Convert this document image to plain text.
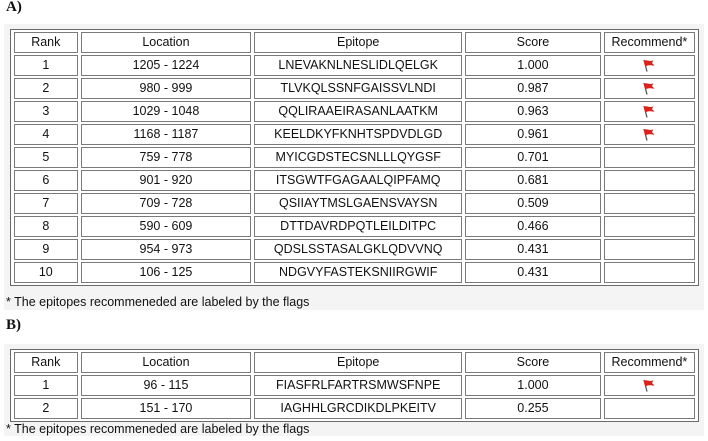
A)
Rank	Location	Epitope	Score	Recommend*
1	1205 - 1224	LNEVAKNLNESLIDLQELGK	1.000	
2	980 - 999	TLVKQLSSNFGAISSVLNDI	0.987	
3	1029 - 1048	QQLIRAAEIRASANLAATKM	0.963	
4	1168 - 1187	KEELDKYFKNHTSPDVDLGD	0.961	
5	759 - 778	MYICGDSTECSNLLLQYGSF	0.701	
6	901 - 920	ITSGWTFGAGAALQIPFAMQ	0.681	
7	709 - 728	QSIIAYTMSLGAENSVAYSN	0.509	
8	590 - 609	DTTDAVRDPQTLEILDITPC	0.466	
9	954 - 973	QDSLSSTASALGKLQDVVNQ	0.431	
10	106 - 125	NDGVYFASTEKSNIIRGWIF	0.431	
* The epitopes recommeneded are labeled by the flags
B)
Rank	Location	Epitope	Score	Recommend*
1	96 - 115	FIASFRLFARTRSMWSFNPE	1.000	
2	151 - 170	IAGHHLGRCDIKDLPKEITV	0.255	
* The epitopes recommeneded are labeled by the flags
